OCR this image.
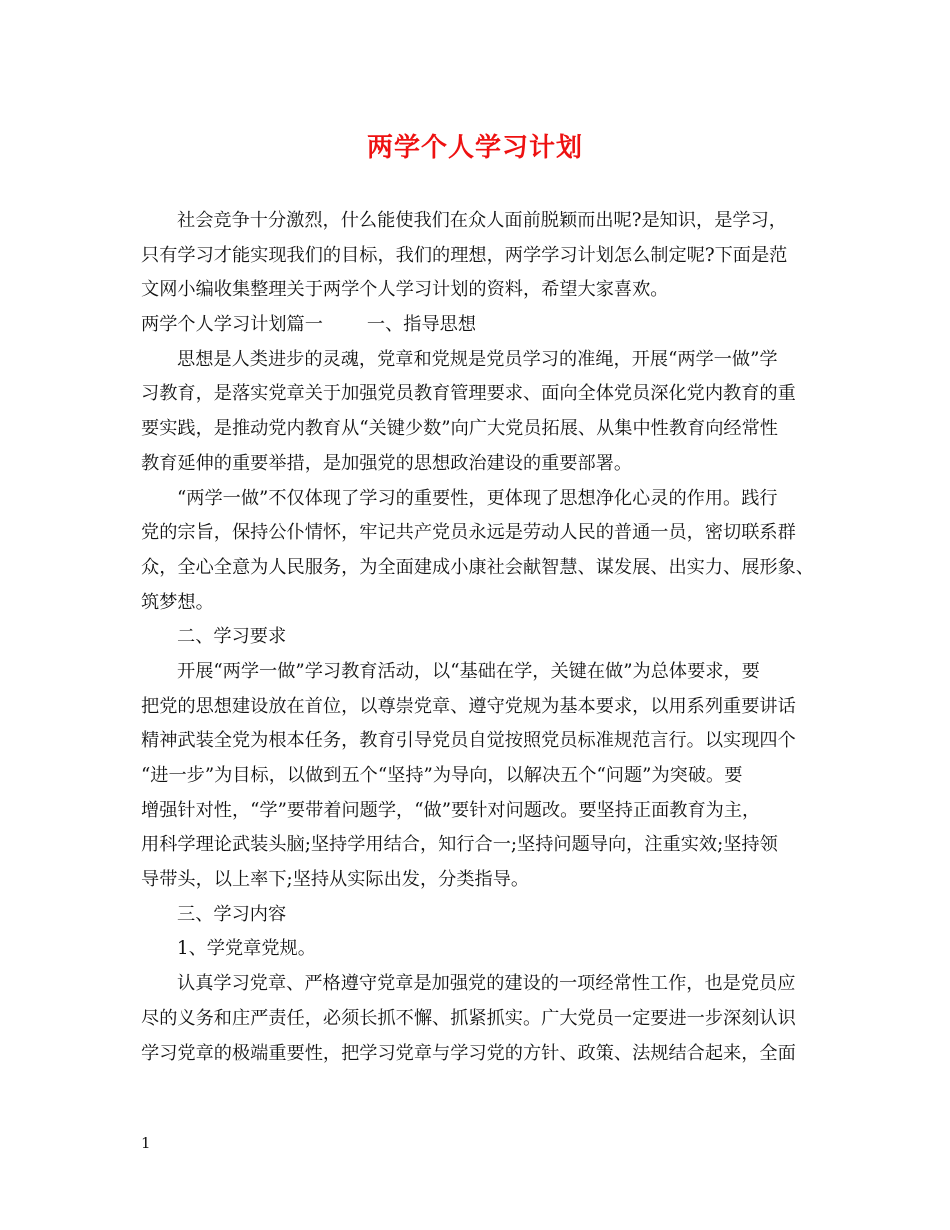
两学个人学习计划
社会竞争十分激烈，什么能使我们在众人面前脱颖而出呢?是知识，是学习，
只有学习才能实现我们的目标，我们的理想，两学学习计划怎么制定呢?下面是范
文网小编收集整理关于两学个人学习计划的资料，希望大家喜欢。
两学个人学习计划篇一 一、指导思想
思想是人类进步的灵魂，党章和党规是党员学习的准绳，开展“两学一做”学
习教育，是落实党章关于加强党员教育管理要求、面向全体党员深化党内教育的重
要实践，是推动党内教育从“关键少数”向广大党员拓展、从集中性教育向经常性
教育延伸的重要举措，是加强党的思想政治建设的重要部署。
“两学一做”不仅体现了学习的重要性，更体现了思想净化心灵的作用。践行
党的宗旨，保持公仆情怀，牢记共产党员永远是劳动人民的普通一员，密切联系群
众，全心全意为人民服务，为全面建成小康社会献智慧、谋发展、出实力、展形象、
筑梦想。
二、学习要求
开展“两学一做”学习教育活动，以“基础在学，关键在做”为总体要求，要
把党的思想建设放在首位，以尊崇党章、遵守党规为基本要求，以用系列重要讲话
精神武装全党为根本任务，教育引导党员自觉按照党员标准规范言行。以实现四个
“进一步”为目标，以做到五个“坚持”为导向，以解决五个“问题”为突破。要
增强针对性，“学”要带着问题学，“做”要针对问题改。要坚持正面教育为主，
用科学理论武装头脑;坚持学用结合，知行合一;坚持问题导向，注重实效;坚持领
导带头，以上率下;坚持从实际出发，分类指导。
三、学习内容
1、学党章党规。
认真学习党章、严格遵守党章是加强党的建设的一项经常性工作，也是党员应
尽的义务和庄严责任，必须长抓不懈、抓紧抓实。广大党员一定要进一步深刻认识
学习党章的极端重要性，把学习党章与学习党的方针、政策、法规结合起来，全面
1
